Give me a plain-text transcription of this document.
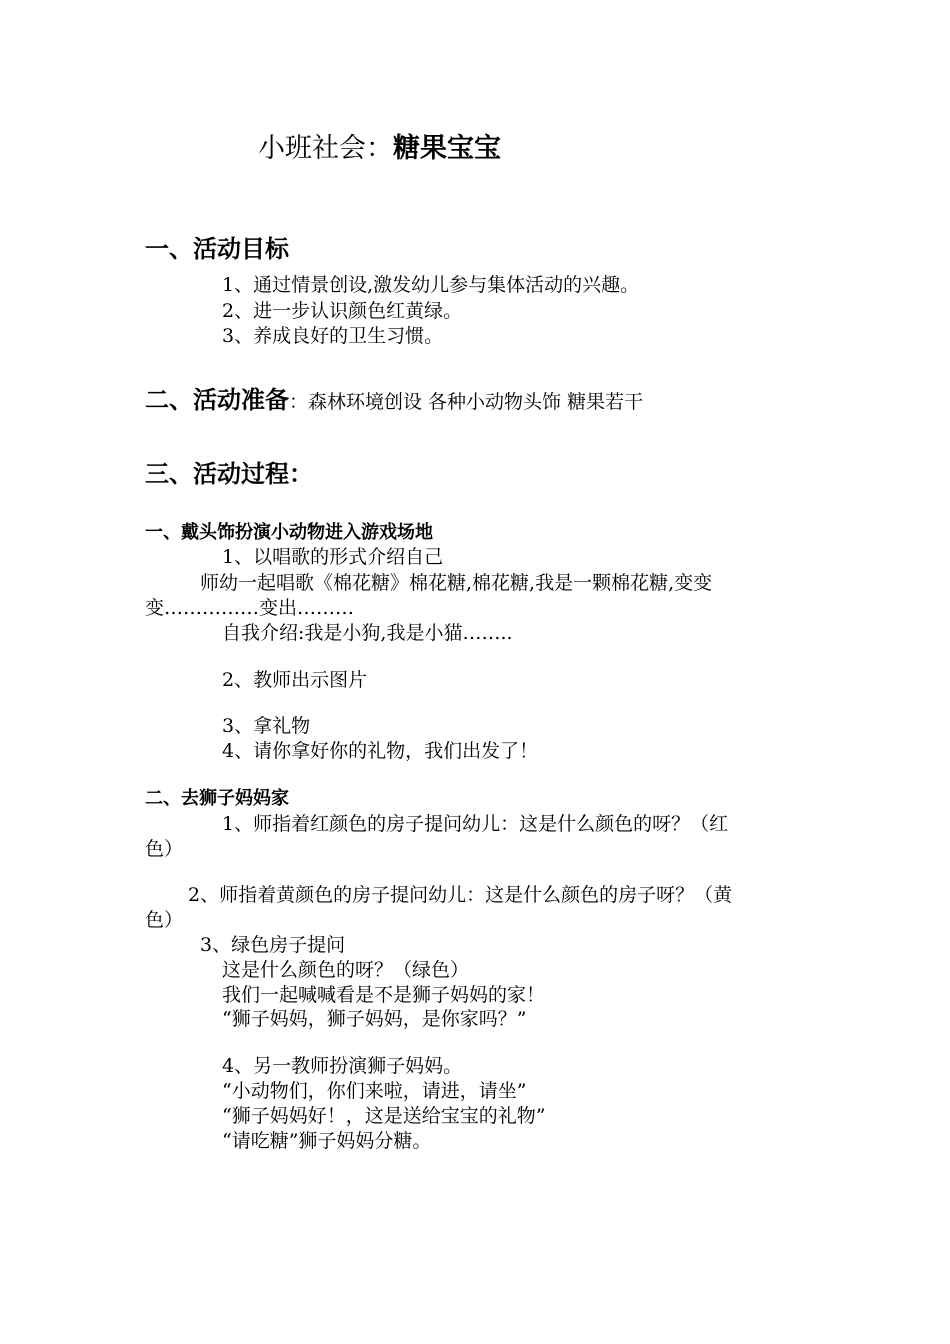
小班社会：糖果宝宝
一、活动目标
1、通过情景创设,激发幼儿参与集体活动的兴趣。
2、进一步认识颜色红黄绿。
3、养成良好的卫生习惯。
二、活动准备：森林环境创设 各种小动物头饰 糖果若干
三、活动过程：
一、戴头饰扮演小动物进入游戏场地
1、以唱歌的形式介绍自己
师幼一起唱歌《棉花糖》棉花糖,棉花糖,我是一颗棉花糖,变变
变……………变出………
自我介绍:我是小狗,我是小猫……..
2、教师出示图片
3、拿礼物
4、请你拿好你的礼物，我们出发了！
二、去狮子妈妈家
1、师指着红颜色的房子提问幼儿：这是什么颜色的呀？（红
色）
2、师指着黄颜色的房子提问幼儿：这是什么颜色的房子呀？（黄
色）
3、绿色房子提问
这是什么颜色的呀？（绿色）
我们一起喊喊看是不是狮子妈妈的家！
“狮子妈妈，狮子妈妈，是你家吗？”
4、另一教师扮演狮子妈妈。
“小动物们，你们来啦，请进，请坐”
“狮子妈妈好！，这是送给宝宝的礼物”
“请吃糖”狮子妈妈分糖。
